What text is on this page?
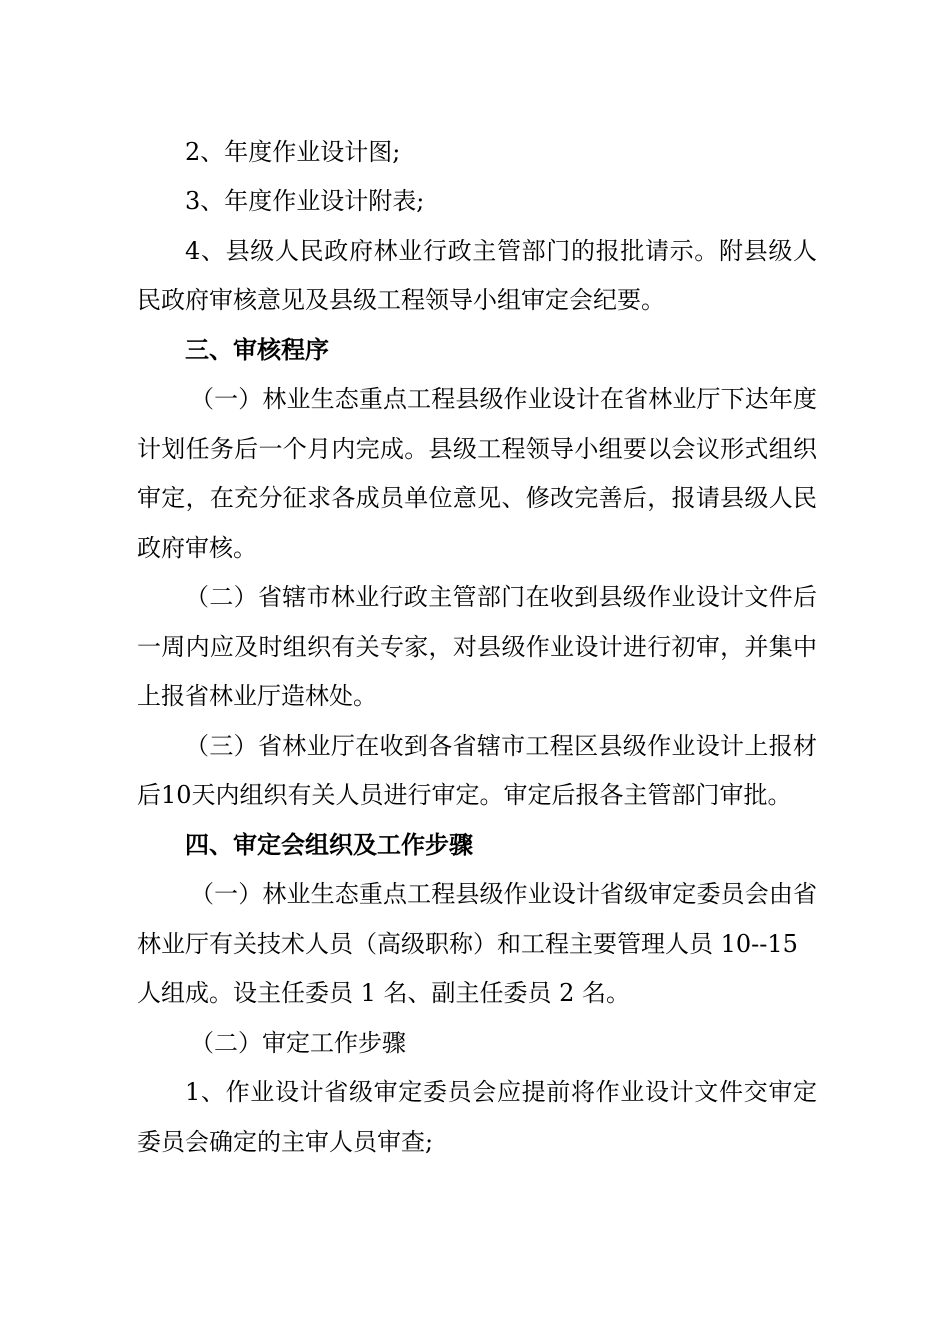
2、年度作业设计图;
3、年度作业设计附表;
4、县级人民政府林业行政主管部门的报批请示。附县级人
民政府审核意见及县级工程领导小组审定会纪要。
三、审核程序
（一）林业生态重点工程县级作业设计在省林业厅下达年度
计划任务后一个月内完成。县级工程领导小组要以会议形式组织
审定，在充分征求各成员单位意见、修改完善后，报请县级人民
政府审核。
（二）省辖市林业行政主管部门在收到县级作业设计文件后
一周内应及时组织有关专家，对县级作业设计进行初审，并集中
上报省林业厅造林处。
（三）省林业厅在收到各省辖市工程区县级作业设计上报材
后10天内组织有关人员进行审定。审定后报各主管部门审批。
四、审定会组织及工作步骤
（一）林业生态重点工程县级作业设计省级审定委员会由省
林业厅有关技术人员（高级职称）和工程主要管理人员 10--15
人组成。设主任委员 1 名、副主任委员 2 名。
（二）审定工作步骤
1、作业设计省级审定委员会应提前将作业设计文件交审定
委员会确定的主审人员审查;
